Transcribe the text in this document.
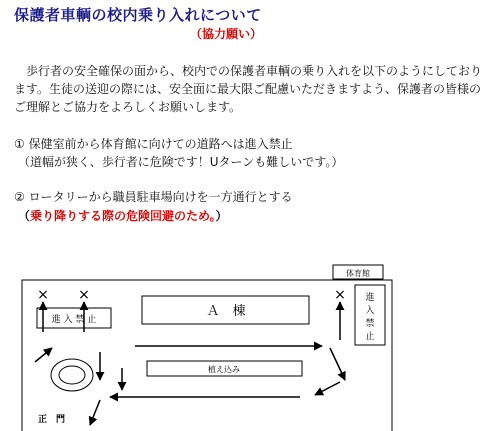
保護者車輌の校内乗り入れについて
（協力願い）

　歩行者の安全確保の面から、校内での保護者車輌の乗り入れを以下のようにしております。生徒の送迎の際には、安全面に最大限ご配慮いただきますよう、保護者の皆様のご理解とご協力をよろしくお願いします。

① 保健室前から体育館に向けての道路へは進入禁止
（道幅が狭く、歩行者に危険です！Uターンも難しいです。）
② ロータリーから職員駐車場向けを一方通行とする
（乗り降りする際の危険回避のため。）
体育館
進 入 禁 止
Ａ　棟
進
入
禁
止
× ×	×
植え込み
正　門
